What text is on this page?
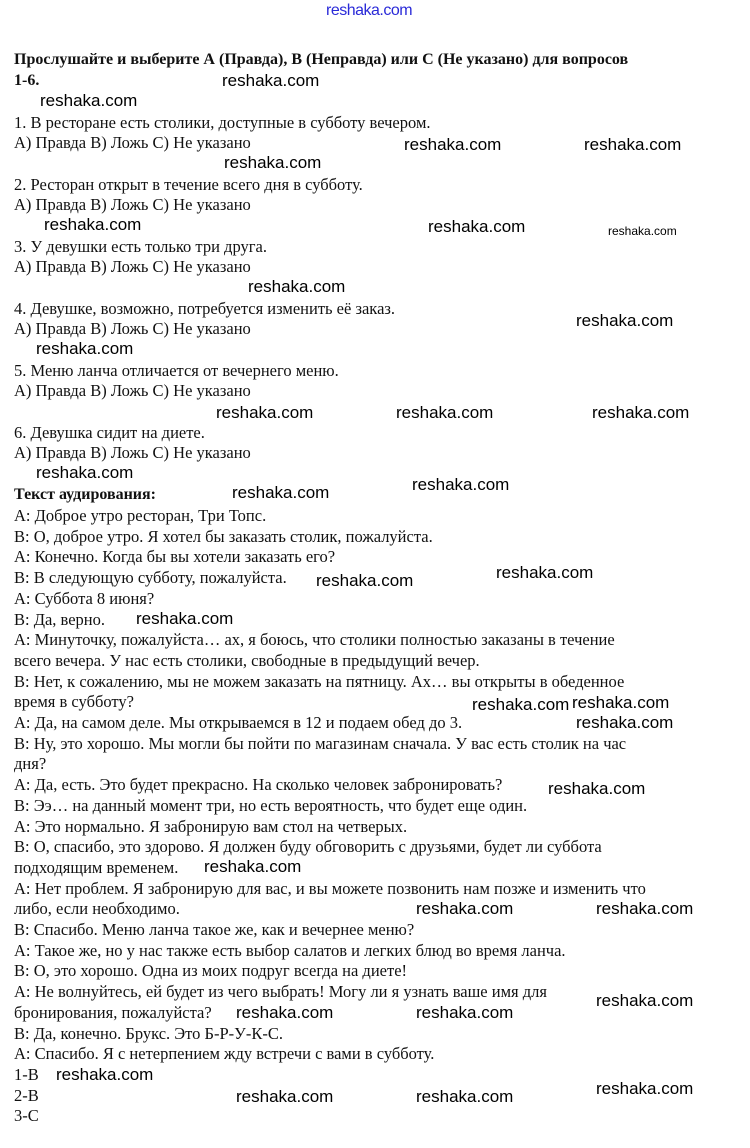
Прослушайте и выберите А (Правда), В (Неправда) или С (Не указано) для вопросов
1-6.
1. В ресторане есть столики, доступные в субботу вечером.
А) Правда В) Ложь С) Не указано
2. Ресторан открыт в течение всего дня в субботу.
А) Правда В) Ложь С) Не указано
3. У девушки есть только три друга.
А) Правда В) Ложь С) Не указано
4. Девушке, возможно, потребуется изменить её заказ.
А) Правда В) Ложь С) Не указано
5. Меню ланча отличается от вечернего меню.
А) Правда В) Ложь С) Не указано
6. Девушка сидит на диете.
А) Правда В) Ложь С) Не указано
Текст аудирования:
А: Доброе утро ресторан, Три Топс.
В: О, доброе утро. Я хотел бы заказать столик, пожалуйста.
А: Конечно. Когда бы вы хотели заказать его?
В: В следующую субботу, пожалуйста.
А: Суббота 8 июня?
В: Да, верно.
А: Минуточку, пожалуйста… ах, я боюсь, что столики полностью заказаны в течение
всего вечера. У нас есть столики, свободные в предыдущий вечер.
В: Нет, к сожалению, мы не можем заказать на пятницу. Ах… вы открыты в обеденное
время в субботу?
А: Да, на самом деле. Мы открываемся в 12 и подаем обед до 3.
В: Ну, это хорошо. Мы могли бы пойти по магазинам сначала. У вас есть столик на час
дня?
А: Да, есть. Это будет прекрасно. На сколько человек забронировать?
В: Ээ… на данный момент три, но есть вероятность, что будет еще один.
А: Это нормально. Я забронирую вам стол на четверых.
В: О, спасибо, это здорово. Я должен буду обговорить с друзьями, будет ли суббота
подходящим временем.
А: Нет проблем. Я забронирую для вас, и вы можете позвонить нам позже и изменить что
либо, если необходимо.
В: Спасибо. Меню ланча такое же, как и вечернее меню?
А: Такое же, но у нас также есть выбор салатов и легких блюд во время ланча.
В: О, это хорошо. Одна из моих подруг всегда на диете!
А: Не волнуйтесь, ей будет из чего выбрать! Могу ли я узнать ваше имя для
бронирования, пожалуйста?
В: Да, конечно. Брукс. Это Б-Р-У-К-С.
А: Спасибо. Я с нетерпением жду встречи с вами в субботу.
1-B
2-B
3-C
reshaka.com
reshaka.com
reshaka.com
reshaka.com	reshaka.com
reshaka.com
reshaka.com	reshaka.com	reshaka.com
reshaka.com
reshaka.com
reshaka.com
reshaka.com	reshaka.com	reshaka.com
reshaka.com
reshaka.com	reshaka.com
reshaka.com
reshaka.com
reshaka.com
reshaka.com reshaka.com
reshaka.com
reshaka.com
reshaka.com
reshaka.com	reshaka.com
reshaka.com
reshaka.com	reshaka.com
reshaka.com
reshaka.com
reshaka.com	reshaka.com
